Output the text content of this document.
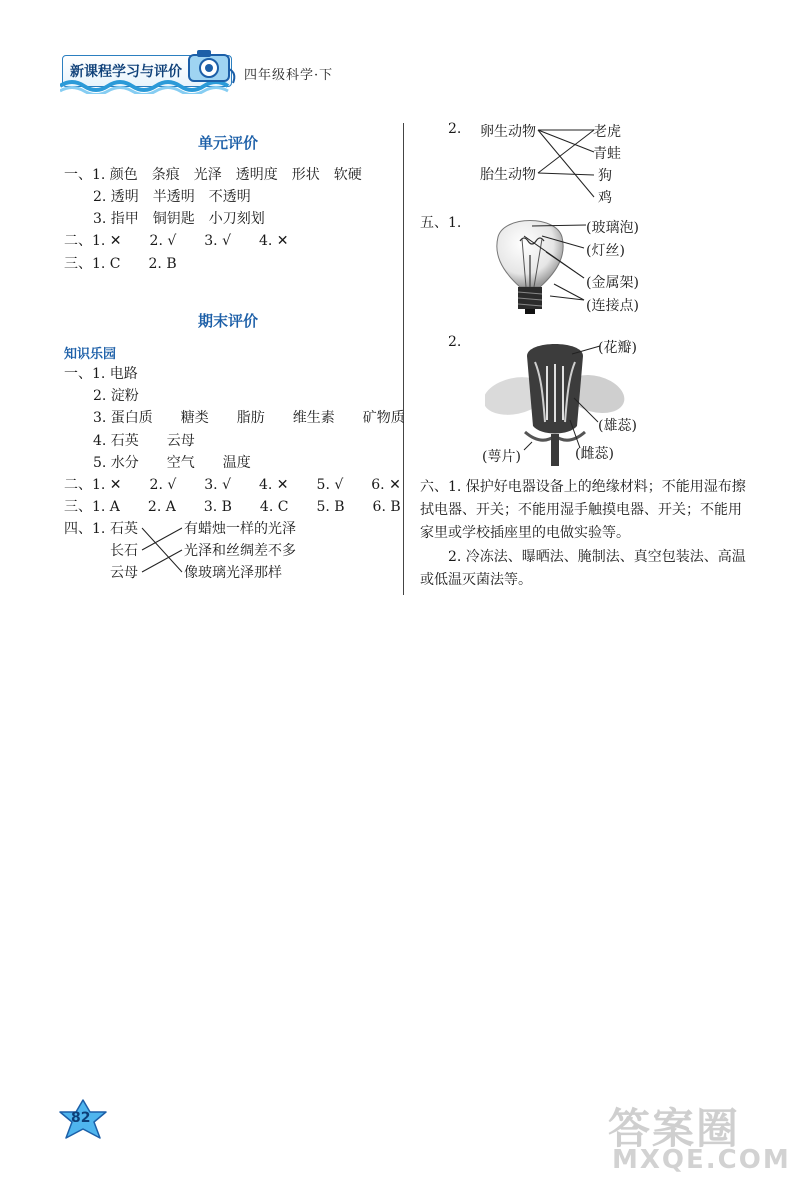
新课程学习与评价	四年级科学·下
单元评价
一、1. 颜色　条痕　光泽　透明度　形状　软硬
2. 透明　半透明　不透明
3. 指甲　铜钥匙　小刀刻划
二、1. ✕　　2. √　　3. √　　4. ✕
三、1. C　　2. B
期末评价
知识乐园
一、1. 电路
2. 淀粉
3. 蛋白质　　糖类　　脂肪　　维生素　　矿物质
4. 石英　　云母
5. 水分　　空气　　温度
二、1. ✕　　2. √　　3. √　　4. ✕　　5. √　　6. ✕
三、1. A　　2. A　　3. B　　4. C　　5. B　　6. B
四、1. 石英
长石
云母
有蜡烛一样的光泽
光泽和丝绸差不多
像玻璃光泽那样
2. 卵生动物
胎生动物
老虎
青蛙
狗
鸡
五、1.	(玻璃泡)
(灯丝)
(金属架)
(连接点)
2.	(花瓣)
(雄蕊)
(萼片)	(雌蕊)
六、1. 保护好电器设备上的绝缘材料；不能用湿布擦拭电器、开关；不能用湿手触摸电器、开关；不能用家里或学校插座里的电做实验等。
2. 冷冻法、曝晒法、腌制法、真空包装法、高温或低温灭菌法等。
82	答案圈
MXQE.COM
